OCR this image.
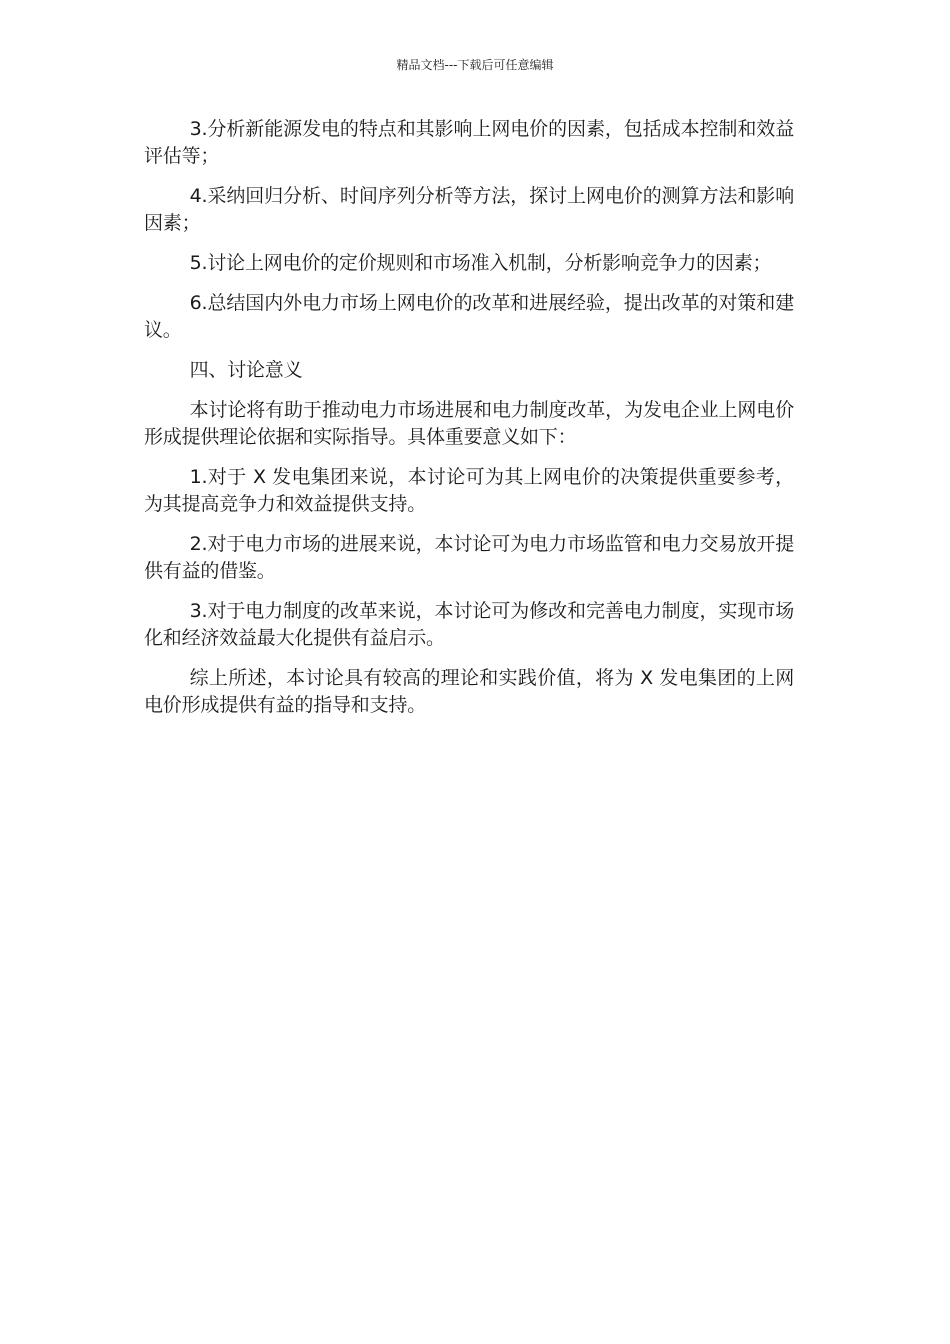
精品文档---下载后可任意编辑

3.分析新能源发电的特点和其影响上网电价的因素，包括成本控制和效益评估等；

4.采纳回归分析、时间序列分析等方法，探讨上网电价的测算方法和影响因素；

5.讨论上网电价的定价规则和市场准入机制，分析影响竞争力的因素；

6.总结国内外电力市场上网电价的改革和进展经验，提出改革的对策和建议。

四、讨论意义

本讨论将有助于推动电力市场进展和电力制度改革，为发电企业上网电价形成提供理论依据和实际指导。具体重要意义如下：

1.对于 X 发电集团来说，本讨论可为其上网电价的决策提供重要参考，为其提高竞争力和效益提供支持。

2.对于电力市场的进展来说，本讨论可为电力市场监管和电力交易放开提供有益的借鉴。

3.对于电力制度的改革来说，本讨论可为修改和完善电力制度，实现市场化和经济效益最大化提供有益启示。

综上所述，本讨论具有较高的理论和实践价值，将为 X 发电集团的上网电价形成提供有益的指导和支持。
